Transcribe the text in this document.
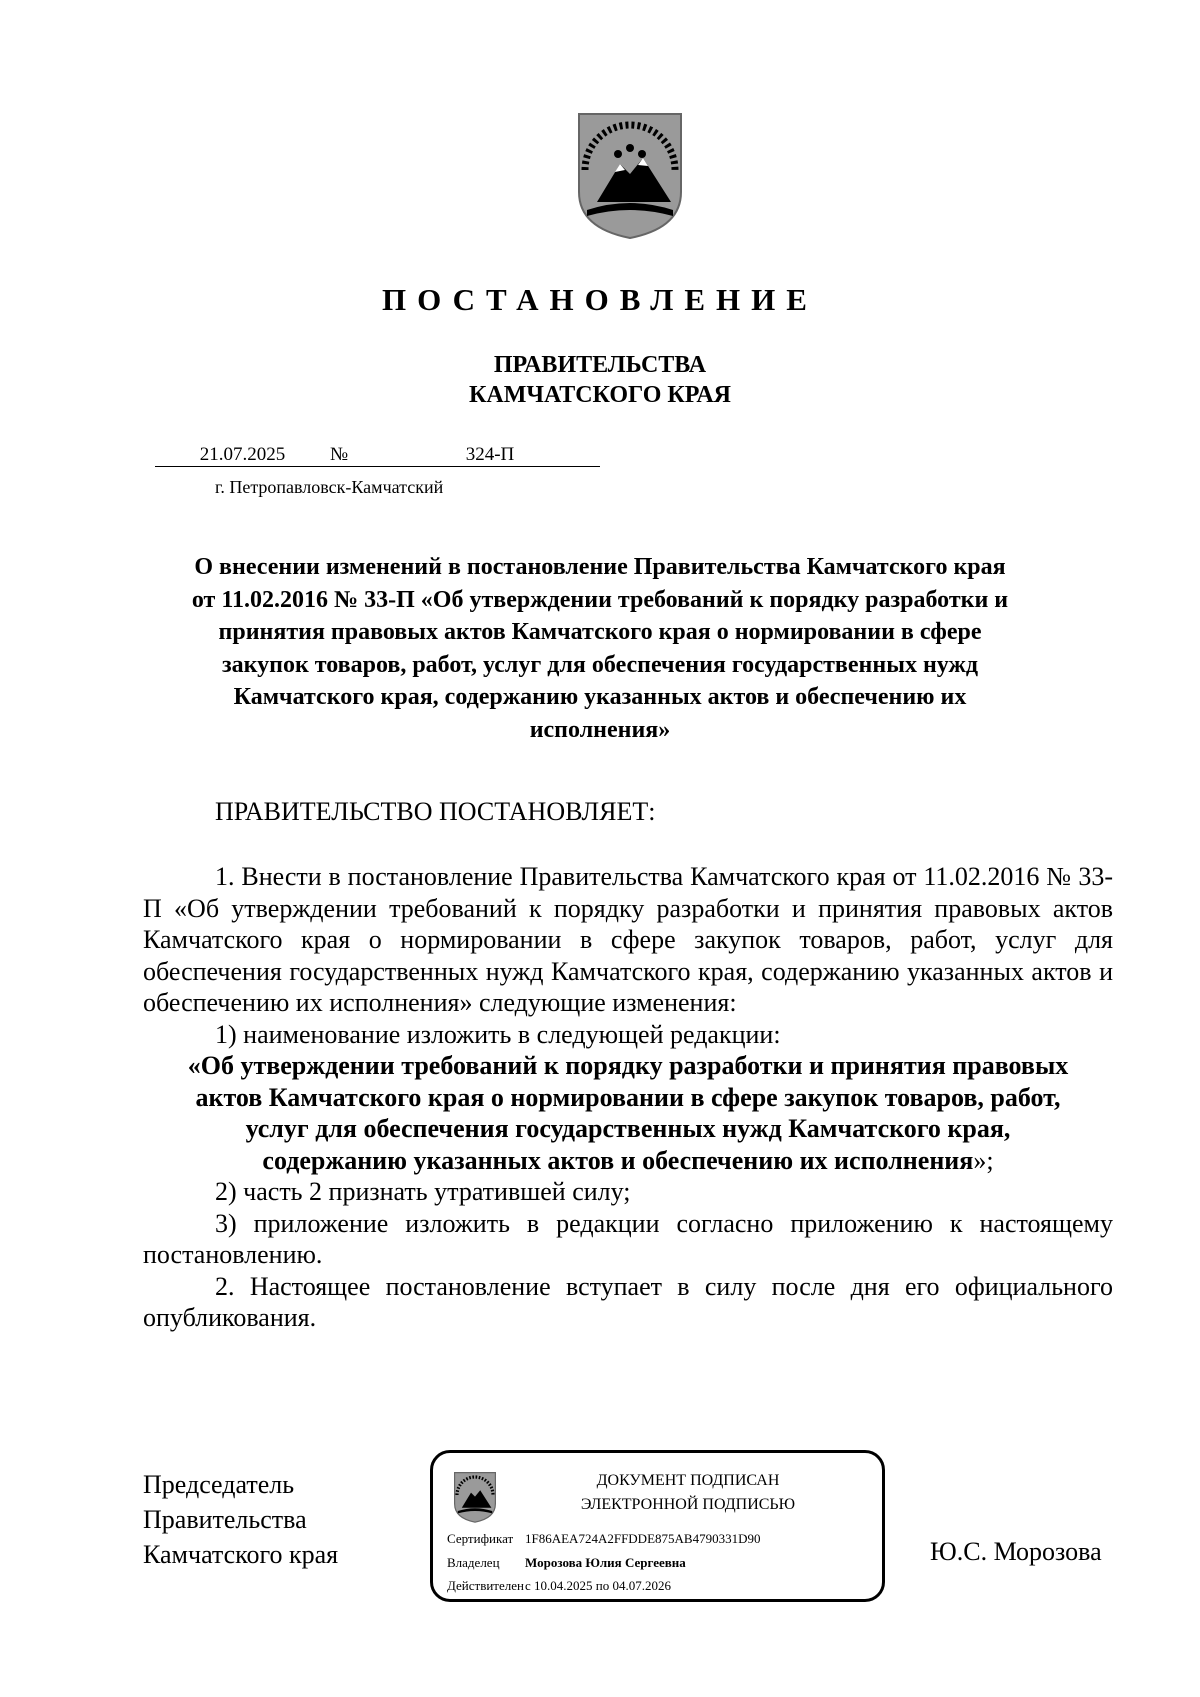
ПОСТАНОВЛЕНИЕ
ПРАВИТЕЛЬСТВА
КАМЧАТСКОГО КРАЯ
21.07.2025 №	324-П
г. Петропавловск-Камчатский
О внесении изменений в постановление Правительства Камчатского края
от 11.02.2016 № 33-П «Об утверждении требований к порядку разработки и
принятия правовых актов Камчатского края о нормировании в сфере
закупок товаров, работ, услуг для обеспечения государственных нужд
Камчатского края, содержанию указанных актов и обеспечению их
исполнения»
ПРАВИТЕЛЬСТВО ПОСТАНОВЛЯЕТ:

1. Внести в постановление Правительства Камчатского края от 11.02.2016 № 33-П «Об утверждении требований к порядку разработки и принятия правовых актов Камчатского края о нормировании в сфере закупок товаров, работ, услуг для обеспечения государственных нужд Камчатского края, содержанию указанных актов и обеспечению их исполнения» следующие изменения:

1) наименование изложить в следующей редакции:

«Об утверждении требований к порядку разработки и принятия правовых
актов Камчатского края о нормировании в сфере закупок товаров, работ,
услуг для обеспечения государственных нужд Камчатского края,
содержанию указанных актов и обеспечению их исполнения»;

2) часть 2 признать утратившей силу;

3) приложение изложить в редакции согласно приложению к настоящему постановлению.

2. Настоящее постановление вступает в силу после дня его официального опубликования.

Председатель
Правительства
Камчатского края
ДОКУМЕНТ ПОДПИСАН
ЭЛЕКТРОННОЙ ПОДПИСЬЮ
Сертификат 1F86AEA724A2FFDDE875AB4790331D90
Владелец Морозова Юлия Сергеевна
Действителенс 10.04.2025 по 04.07.2026
Ю.С. Морозова
